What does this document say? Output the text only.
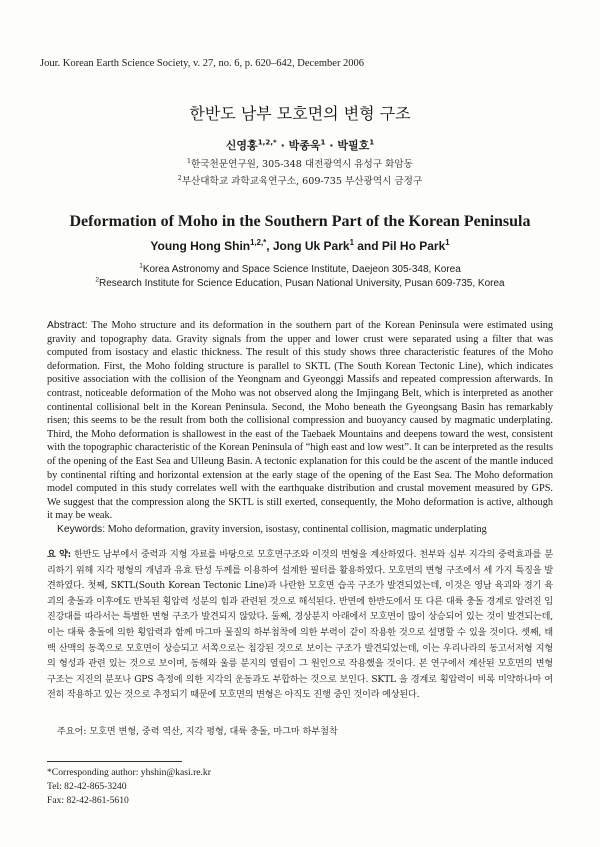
Jour. Korean Earth Science Society, v. 27, no. 6, p. 620–642, December 2006
한반도 남부 모호면의 변형 구조
신영홍$^{1,2,*}$ · 박종욱$^1$ · 박필호$^1$
$^1$한국천문연구원, 305-348 대전광역시 유성구 화암동
$^2$부산대학교 과학교육연구소, 609-735 부산광역시 금정구
Deformation of Moho in the Southern Part of the Korean Peninsula
Young Hong Shin$^{1,2,*}$, Jong Uk Park$^1$ and Pil Ho Park$^1$
$^1$Korea Astronomy and Space Science Institute, Daejeon 305-348, Korea
$^2$Research Institute for Science Education, Pusan National University, Pusan 609-735, Korea

Abstract: The Moho structure and its deformation in the southern part of the Korean Peninsula were estimated using gravity and topography data. Gravity signals from the upper and lower crust were separated using a filter that was computed from isostacy and elastic thickness. The result of this study shows three characteristic features of the Moho deformation. First, the Moho folding structure is parallel to SKTL (The South Korean Tectonic Line), which indicates positive association with the collision of the Yeongnam and Gyeonggi Massifs and repeated compression afterwards. In contrast, noticeable deformation of the Moho was not observed along the Imjingang Belt, which is interpreted as another continental collisional belt in the Korean Peninsula. Second, the Moho beneath the Gyeongsang Basin has remarkably risen; this seems to be the result from both the collisional compression and buoyancy caused by magmatic underplating. Third, the Moho deformation is shallowest in the east of the Taebaek Mountains and deepens toward the west, consistent with the topographic characteristic of the Korean Peninsula of “high east and low west”. It can be interpreted as the results of the opening of the East Sea and Ulleung Basin. A tectonic explanation for this could be the ascent of the mantle induced by continental rifting and horizontal extension at the early stage of the opening of the East Sea. The Moho deformation model computed in this study correlates well with the earthquake distribution and crustal movement measured by GPS. We suggest that the compression along the SKTL is still exerted, consequently, the Moho deformation is active, although it may be weak.

Keywords: Moho deformation, gravity inversion, isostasy, continental collision, magmatic underplating

요 약: 한반도 남부에서 중력과 지형 자료를 바탕으로 모호면구조와 이것의 변형을 계산하였다. 천부와 심부 지각의 중력효과를 분리하기 위해 지각 평형의 개념과 유효 탄성 두께를 이용하여 설계한 필터를 활용하였다. 모호면의 변형 구조에서 세 가지 특징을 발견하였다. 첫째, SKTL(South Korean Tectonic Line)과 나란한 모호면 습곡 구조가 발견되었는데, 이것은 영남 육괴와 경기 육괴의 충돌과 이후에도 반복된 횡압력 성분의 힘과 관련된 것으로 해석된다. 반면에 한반도에서 또 다른 대륙 충돌 경계로 알려진 임진강대를 따라서는 특별한 변형 구조가 발견되지 않았다. 둘째, 경상분지 아래에서 모호면이 많이 상승되어 있는 것이 발견되는데, 이는 대륙 충돌에 의한 횡압력과 함께 마그마 물질의 하부첨착에 의한 부력이 같이 작용한 것으로 설명할 수 있을 것이다. 셋째, 태백 산맥의 동쪽으로 모호면이 상승되고 서쪽으로는 침강된 것으로 보이는 구조가 발견되었는데, 이는 우리나라의 동고서저형 지형의 형성과 관련 있는 것으로 보이며, 동해와 울릉 분지의 열림이 그 원인으로 작용했을 것이다. 본 연구에서 계산된 모호면의 변형 구조는 지진의 분포나 GPS 측정에 의한 지각의 운동과도 부합하는 것으로 보인다. SKTL 을 경계로 횡압력이 비록 미약하나마 여전히 작용하고 있는 것으로 추정되기 때문에 모호면의 변형은 아직도 진행 중인 것이라 예상된다.

주요어: 모호면 변형, 중력 역산, 지각 평형, 대륙 충돌, 마그마 하부첨착
*Corresponding author: yhshin@kasi.re.kr
Tel: 82-42-865-3240
Fax: 82-42-861-5610
